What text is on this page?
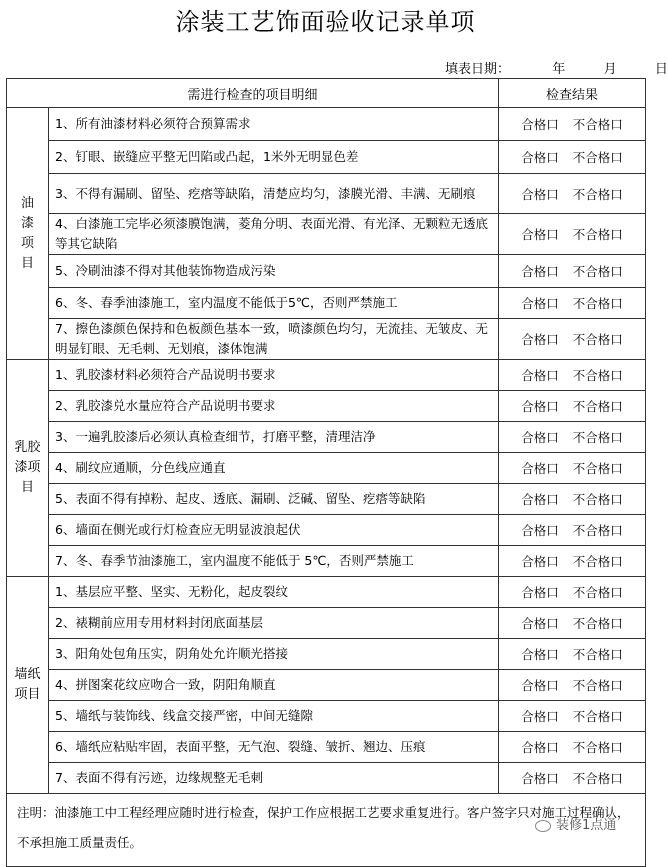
涂装工艺饰面验收记录单项
填表日期：	年	月	日
需进行检查的项目明细		检查结果

油
漆
项
目	1、所有油漆材料必须符合预算需求	合格口 不合格口
	2、钉眼、嵌缝应平整无凹陷或凸起，1米外无明显色差	合格口 不合格口
	3、不得有漏刷、留坠、疙瘩等缺陷，清楚应均匀，漆膜光滑、丰满、无刷痕	合格口 不合格口
	4、白漆施工完毕必须漆膜饱满，菱角分明、表面光滑、有光泽、无颗粒无透底等其它缺陷	合格口 不合格口
	5、冷刷油漆不得对其他装饰物造成污染	合格口 不合格口
	6、冬、春季油漆施工，室内温度不能低于5℃，否则严禁施工	合格口 不合格口
	7、擦色漆颜色保持和色板颜色基本一致，喷漆颜色均匀，无流挂、无皱皮、无明显钉眼、无毛刺、无划痕，漆体饱满	合格口 不合格口

乳胶
漆项
目	1、乳胶漆材料必须符合产品说明书要求	合格口 不合格口
	2、乳胶漆兑水量应符合产品说明书要求	合格口 不合格口
	3、一遍乳胶漆后必须认真检查细节，打磨平整，清理洁净	合格口 不合格口
	4、刷纹应通顺，分色线应通直	合格口 不合格口
	5、表面不得有掉粉、起皮、透底、漏刷、泛碱、留坠、疙瘩等缺陷	合格口 不合格口
	6、墙面在侧光或行灯检查应无明显波浪起伏	合格口 不合格口
	7、冬、春季节油漆施工，室内温度不能低于 5℃，否则严禁施工	合格口 不合格口

墙纸
项目	1、基层应平整、坚实、无粉化，起皮裂纹	合格口 不合格口
	2、裱糊前应用专用材料封闭底面基层	合格口 不合格口
	3、阳角处包角压实，阴角处允许顺光搭接	合格口 不合格口
	4、拼图案花纹应吻合一致，阴阳角顺直	合格口 不合格口
	5、墙纸与装饰线、线盒交接严密，中间无缝隙	合格口 不合格口
	6、墙纸应粘贴牢固，表面平整，无气泡、裂缝、皱折、翘边、压痕	合格口 不合格口
	7、表面不得有污迹，边缘规整无毛刺	合格口 不合格口
注明：油漆施工中工程经理应随时进行检查，保护工作应根据工艺要求重复进行。客户签字只对施工过程确认，不承担施工质量责任。		
装修1点通
